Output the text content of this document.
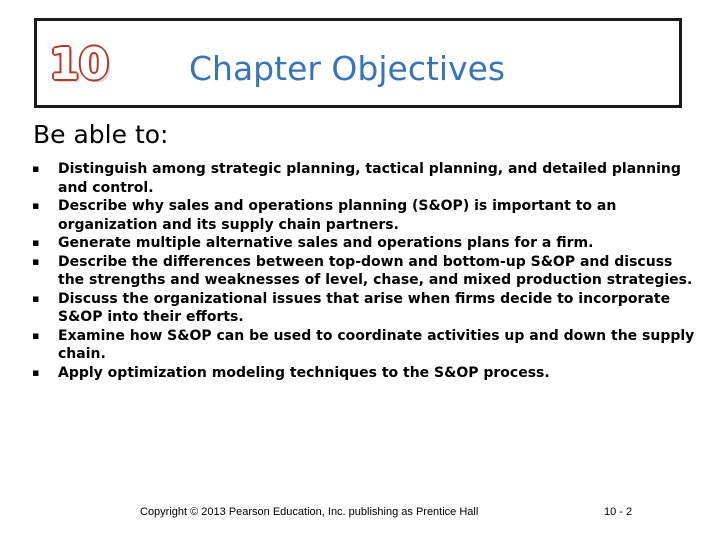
10 Chapter Objectives
Be able to:
▪	Distinguish among strategic planning, tactical planning, and detailed planning and control.
▪	Describe why sales and operations planning (S&OP) is important to an organization and its supply chain partners.
▪	Generate multiple alternative sales and operations plans for a firm.
▪	Describe the differences between top-down and bottom-up S&OP and discuss the strengths and weaknesses of level, chase, and mixed production strategies.
▪	Discuss the organizational issues that arise when firms decide to incorporate S&OP into their efforts.
▪	Examine how S&OP can be used to coordinate activities up and down the supply chain.
▪	Apply optimization modeling techniques to the S&OP process.
Copyright © 2013 Pearson Education, Inc. publishing as Prentice Hall	10 - 2
